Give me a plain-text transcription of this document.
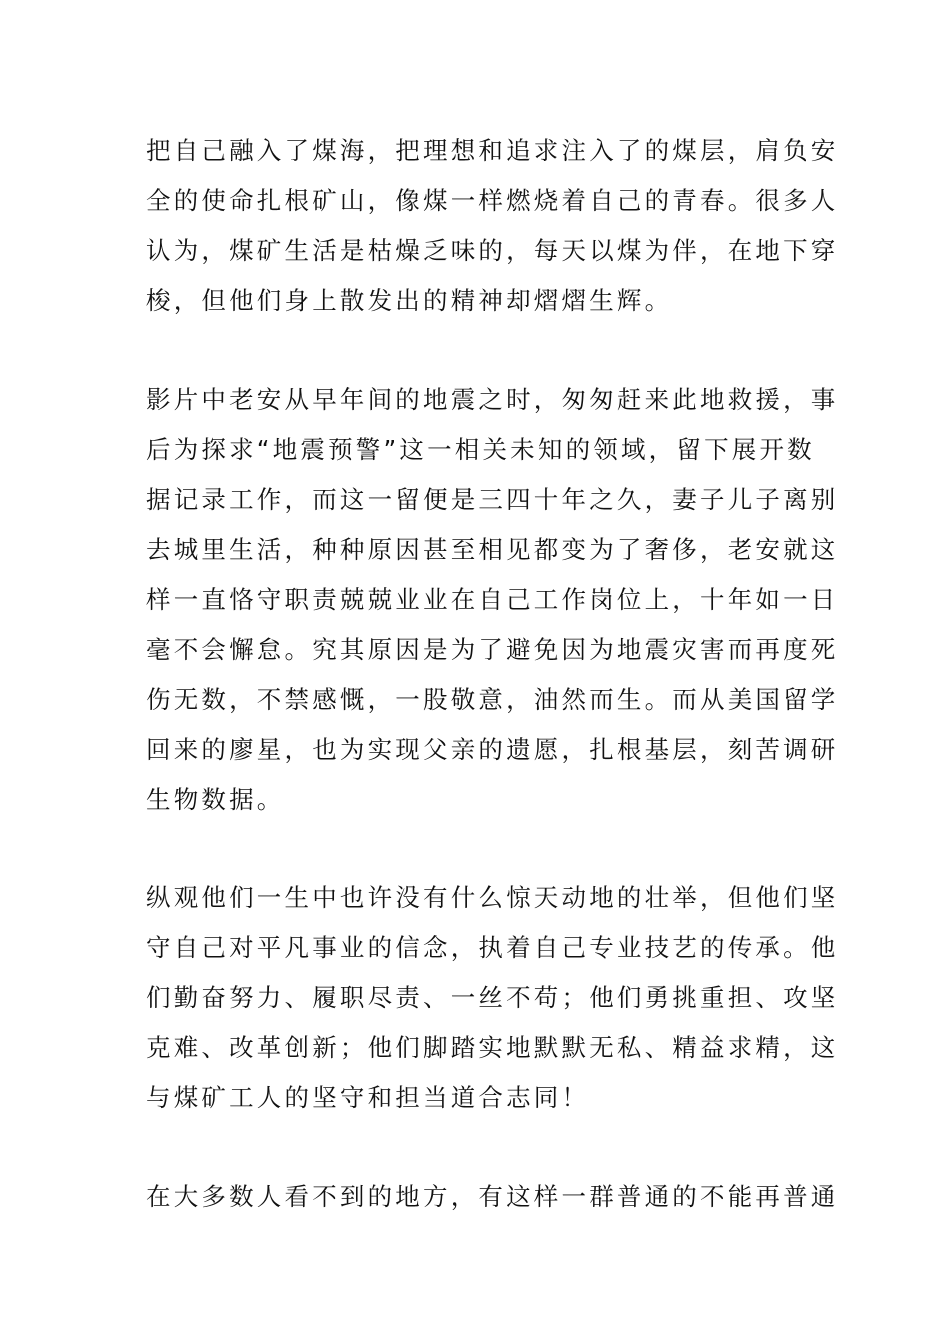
把自己融入了煤海，把理想和追求注入了的煤层，肩负安
全的使命扎根矿山，像煤一样燃烧着自己的青春。很多人
认为，煤矿生活是枯燥乏味的，每天以煤为伴，在地下穿
梭，但他们身上散发出的精神却熠熠生辉。
影片中老安从早年间的地震之时，匆匆赶来此地救援，事
后为探求“地震预警”这一相关未知的领域，留下展开数
据记录工作，而这一留便是三四十年之久，妻子儿子离别
去城里生活，种种原因甚至相见都变为了奢侈，老安就这
样一直恪守职责兢兢业业在自己工作岗位上，十年如一日
毫不会懈怠。究其原因是为了避免因为地震灾害而再度死
伤无数，不禁感慨，一股敬意，油然而生。而从美国留学
回来的廖星，也为实现父亲的遗愿，扎根基层，刻苦调研
生物数据。
纵观他们一生中也许没有什么惊天动地的壮举，但他们坚
守自己对平凡事业的信念，执着自己专业技艺的传承。他
们勤奋努力、履职尽责、一丝不苟；他们勇挑重担、攻坚
克难、改革创新；他们脚踏实地默默无私、精益求精，这
与煤矿工人的坚守和担当道合志同！
在大多数人看不到的地方，有这样一群普通的不能再普通
